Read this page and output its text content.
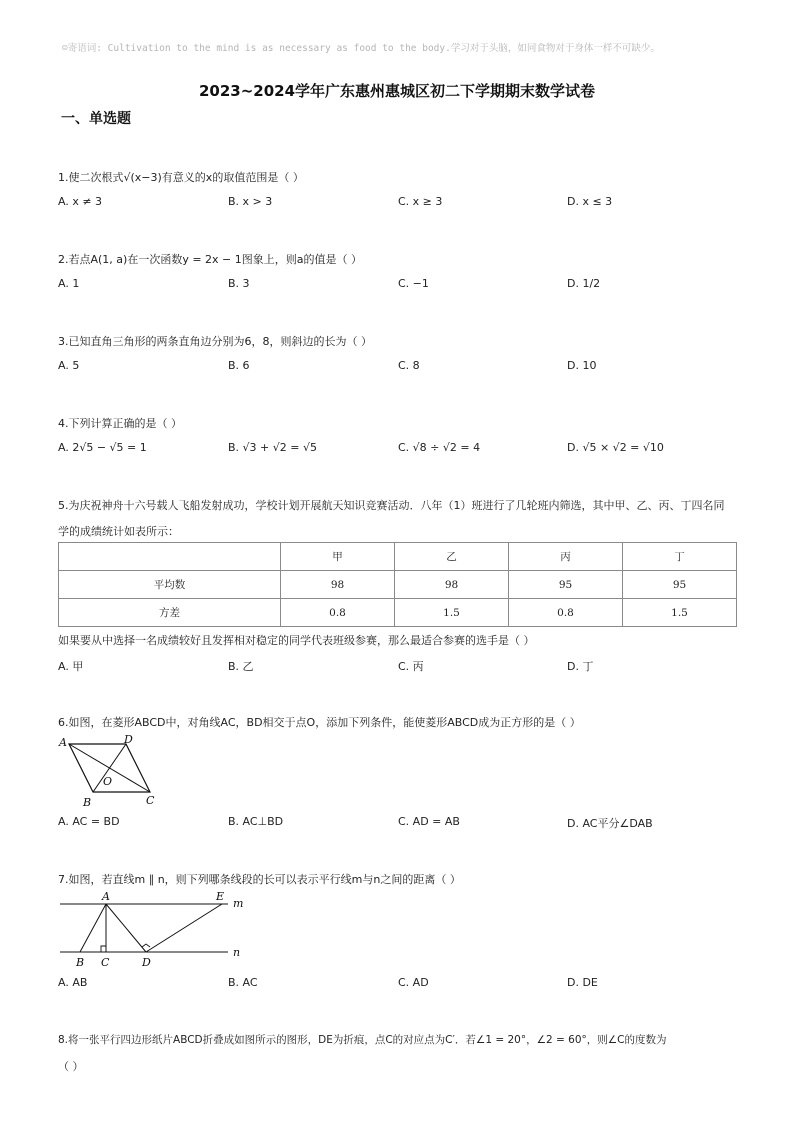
☺寄语词: Cultivation to the mind is as necessary as food to the body.学习对于头脑，如同食物对于身体一样不可缺少。
2023~2024学年广东惠州惠城区初二下学期期末数学试卷
一、单选题
1.使二次根式√(x−3)有意义的x的取值范围是（ ）
A. x ≠ 3	B. x > 3	C. x ≥ 3	D. x ≤ 3
2.若点A(1, a)在一次函数y = 2x − 1图象上，则a的值是（ ）
A. 1	B. 3	C. −1	D. 1/2
3.已知直角三角形的两条直角边分别为6，8，则斜边的长为（ ）
A. 5	B. 6	C. 8	D. 10
4.下列计算正确的是（ ）
A. 2√5 − √5 = 1	B. √3 + √2 = √5	C. √8 ÷ √2 = 4	D. √5 × √2 = √10
5.为庆祝神舟十六号载人飞船发射成功，学校计划开展航天知识竞赛活动．八年（1）班进行了几轮班内筛选，其中甲、乙、丙、丁四名同
学的成绩统计如表所示：
	甲	乙	丙	丁
平均数	98	98	95	95
方差	0.8	1.5	0.8	1.5
如果要从中选择一名成绩较好且发挥相对稳定的同学代表班级参赛，那么最适合参赛的选手是（ ）
A. 甲	B. 乙	C. 丙	D. 丁
6.如图，在菱形ABCD中，对角线AC，BD相交于点O，添加下列条件，能使菱形ABCD成为正方形的是（ ）
A	D
O
B	C
A. AC = BD	B. AC⊥BD	C. AD = AB	D. AC平分∠DAB
7.如图，若直线m ∥ n，则下列哪条线段的长可以表示平行线m与n之间的距离（ ）
A	E
m
B C	D
n
A. AB	B. AC	C. AD	D. DE
8.将一张平行四边形纸片ABCD折叠成如图所示的图形，DE为折痕，点C的对应点为C′．若∠1 = 20°，∠2 = 60°，则∠C的度数为
（ ）
